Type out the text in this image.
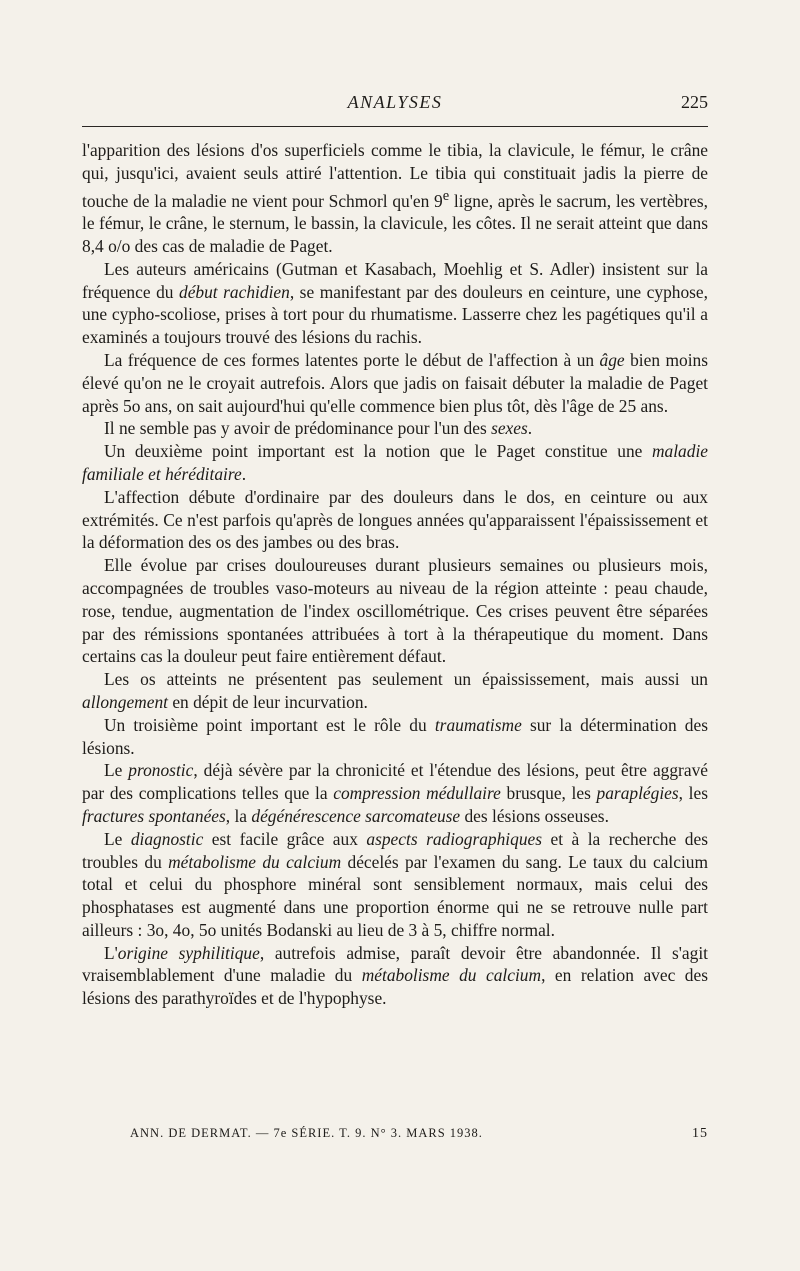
ANALYSES	225

l'apparition des lésions d'os superficiels comme le tibia, la clavicule, le fémur, le crâne qui, jusqu'ici, avaient seuls attiré l'attention. Le tibia qui constituait jadis la pierre de touche de la maladie ne vient pour Schmorl qu'en 9e ligne, après le sacrum, les vertèbres, le fémur, le crâne, le sternum, le bassin, la clavicule, les côtes. Il ne serait atteint que dans 8,4 o/o des cas de maladie de Paget.

Les auteurs américains (Gutman et Kasabach, Moehlig et S. Adler) insistent sur la fréquence du début rachidien, se manifestant par des douleurs en ceinture, une cyphose, une cypho-scoliose, prises à tort pour du rhumatisme. Lasserre chez les pagétiques qu'il a examinés a toujours trouvé des lésions du rachis.

La fréquence de ces formes latentes porte le début de l'affection à un âge bien moins élevé qu'on ne le croyait autrefois. Alors que jadis on faisait débuter la maladie de Paget après 5o ans, on sait aujourd'hui qu'elle commence bien plus tôt, dès l'âge de 25 ans.

Il ne semble pas y avoir de prédominance pour l'un des sexes.

Un deuxième point important est la notion que le Paget constitue une maladie familiale et héréditaire.

L'affection débute d'ordinaire par des douleurs dans le dos, en ceinture ou aux extrémités. Ce n'est parfois qu'après de longues années qu'apparaissent l'épaississement et la déformation des os des jambes ou des bras.

Elle évolue par crises douloureuses durant plusieurs semaines ou plusieurs mois, accompagnées de troubles vaso-moteurs au niveau de la région atteinte : peau chaude, rose, tendue, augmentation de l'index oscillométrique. Ces crises peuvent être séparées par des rémissions spontanées attribuées à tort à la thérapeutique du moment. Dans certains cas la douleur peut faire entièrement défaut.

Les os atteints ne présentent pas seulement un épaississement, mais aussi un allongement en dépit de leur incurvation.

Un troisième point important est le rôle du traumatisme sur la détermination des lésions.

Le pronostic, déjà sévère par la chronicité et l'étendue des lésions, peut être aggravé par des complications telles que la compression médullaire brusque, les paraplégies, les fractures spontanées, la dégénérescence sarcomateuse des lésions osseuses.

Le diagnostic est facile grâce aux aspects radiographiques et à la recherche des troubles du métabolisme du calcium décelés par l'examen du sang. Le taux du calcium total et celui du phosphore minéral sont sensiblement normaux, mais celui des phosphatases est augmenté dans une proportion énorme qui ne se retrouve nulle part ailleurs : 3o, 4o, 5o unités Bodanski au lieu de 3 à 5, chiffre normal.

L'origine syphilitique, autrefois admise, paraît devoir être abandonnée. Il s'agit vraisemblablement d'une maladie du métabolisme du calcium, en relation avec des lésions des parathyroïdes et de l'hypophyse.

ANN. DE DERMAT. — 7e SÉRIE. T. 9. N° 3. MARS 1938.	15
